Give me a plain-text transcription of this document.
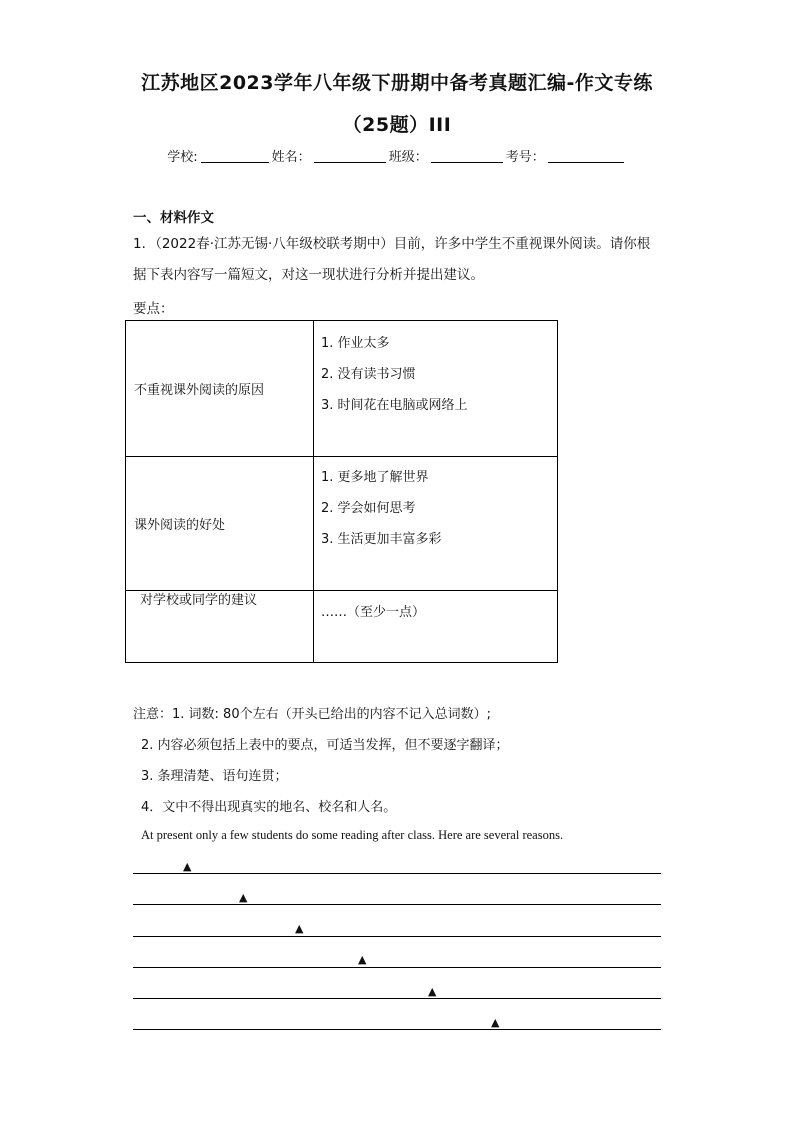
江苏地区2023学年八年级下册期中备考真题汇编-作文专练
（25题）III
学校:	姓名：	班级：	考号：
一、材料作文
1．（2022春·江苏无锡·八年级校联考期中）目前，许多中学生不重视课外阅读。请你根据下表内容写一篇短文，对这一现状进行分析并提出建议。
要点：
不重视课外阅读的原因	1. 作业太多
2. 没有读书习惯
3. 时间花在电脑或网络上

课外阅读的好处	1. 更多地了解世界
2. 学会如何思考
3. 生活更加丰富多彩

对学校或同学的建议	……（至少一点）
注意：1. 词数: 80个左右（开头已给出的内容不记入总词数）;
2. 内容必须包括上表中的要点，可适当发挥，但不要逐字翻译；
3. 条理清楚、语句连贯；
4．文中不得出现真实的地名、校名和人名。
At present only a few students do some reading after class. Here are several reasons.
▲
▲
▲
▲
▲
▲
